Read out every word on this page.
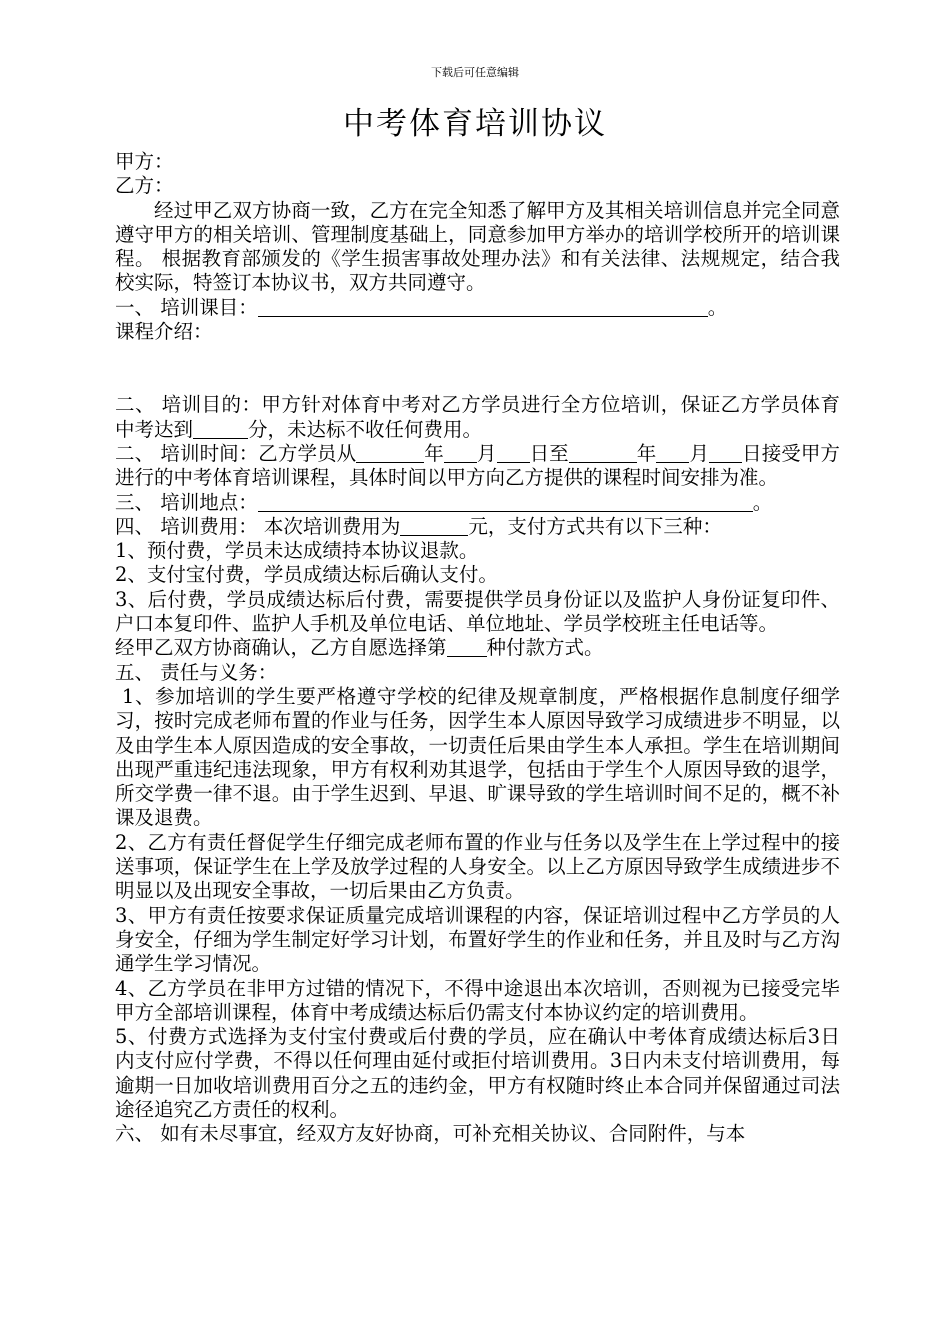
下载后可任意编辑
中考体育培训协议

甲方：

乙方：

经过甲乙双方协商一致，乙方在完全知悉了解甲方及其相关培训信息并完全同意遵守甲方的相关培训、管理制度基础上，同意参加甲方举办的培训学校所开的培训课程。 根据教育部颁发的《学生损害事故处理办法》和有关法律、法规规定，结合我校实际，特签订本协议书，双方共同遵守。

一、 培训课目：	。

课程介绍：

二、 培训目的：甲方针对体育中考对乙方学员进行全方位培训，保证乙方学员体育中考达到	分，未达标不收任何费用。

二、 培训时间：乙方学员从	年 月 日至	年 月 日接受甲方进行的中考体育培训课程，具体时间以甲方向乙方提供的课程时间安排为准。

三、 培训地点：	。

四、 培训费用： 本次培训费用为	元，支付方式共有以下三种：

1、预付费，学员未达成绩持本协议退款。

2、支付宝付费，学员成绩达标后确认支付。

3、后付费，学员成绩达标后付费，需要提供学员身份证以及监护人身份证复印件、户口本复印件、监护人手机及单位电话、单位地址、学员学校班主任电话等。

经甲乙双方协商确认，乙方自愿选择第 种付款方式。

五、 责任与义务：

1、参加培训的学生要严格遵守学校的纪律及规章制度，严格根据作息制度仔细学习，按时完成老师布置的作业与任务，因学生本人原因导致学习成绩进步不明显，以及由学生本人原因造成的安全事故，一切责任后果由学生本人承担。学生在培训期间出现严重违纪违法现象，甲方有权利劝其退学，包括由于学生个人原因导致的退学，所交学费一律不退。由于学生迟到、早退、旷课导致的学生培训时间不足的，概不补课及退费。

2、乙方有责任督促学生仔细完成老师布置的作业与任务以及学生在上学过程中的接送事项，保证学生在上学及放学过程的人身安全。以上乙方原因导致学生成绩进步不明显以及出现安全事故，一切后果由乙方负责。

3、甲方有责任按要求保证质量完成培训课程的内容，保证培训过程中乙方学员的人身安全，仔细为学生制定好学习计划，布置好学生的作业和任务，并且及时与乙方沟通学生学习情况。

4、乙方学员在非甲方过错的情况下，不得中途退出本次培训，否则视为已接受完毕甲方全部培训课程，体育中考成绩达标后仍需支付本协议约定的培训费用。

5、付费方式选择为支付宝付费或后付费的学员，应在确认中考体育成绩达标后3日内支付应付学费，不得以任何理由延付或拒付培训费用。3日内未支付培训费用，每逾期一日加收培训费用百分之五的违约金，甲方有权随时终止本合同并保留通过司法途径追究乙方责任的权利。

六、 如有未尽事宜，经双方友好协商，可补充相关协议、合同附件，与本
